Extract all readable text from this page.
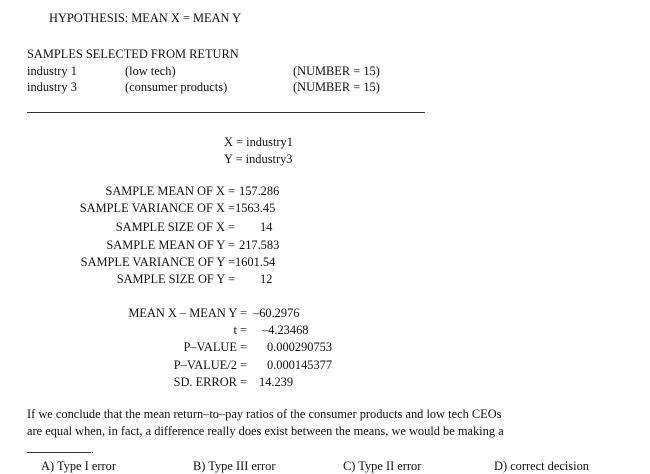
HYPOTHESIS: MEAN X = MEAN Y
SAMPLES SELECTED FROM RETURN
industry 1	(low tech)	(NUMBER = 15)
industry 3	(consumer products)	(NUMBER = 15)
X = industry1
Y = industry3
SAMPLE MEAN OF X = 157.286
SAMPLE VARIANCE OF X = 1563.45
SAMPLE SIZE OF X = 14
SAMPLE MEAN OF Y = 217.583
SAMPLE VARIANCE OF Y = 1601.54
SAMPLE SIZE OF Y = 12
MEAN X – MEAN Y = –60.2976
t = –4.23468
P–VALUE = 0.000290753
P–VALUE/2 = 0.000145377
SD. ERROR = 14.239
If we conclude that the mean return–to–pay ratios of the consumer products and low tech CEOs
are equal when, in fact, a difference really does exist between the means, we would be making a
.
A) Type I error	B) Type III error	C) Type II error	D) correct decision
